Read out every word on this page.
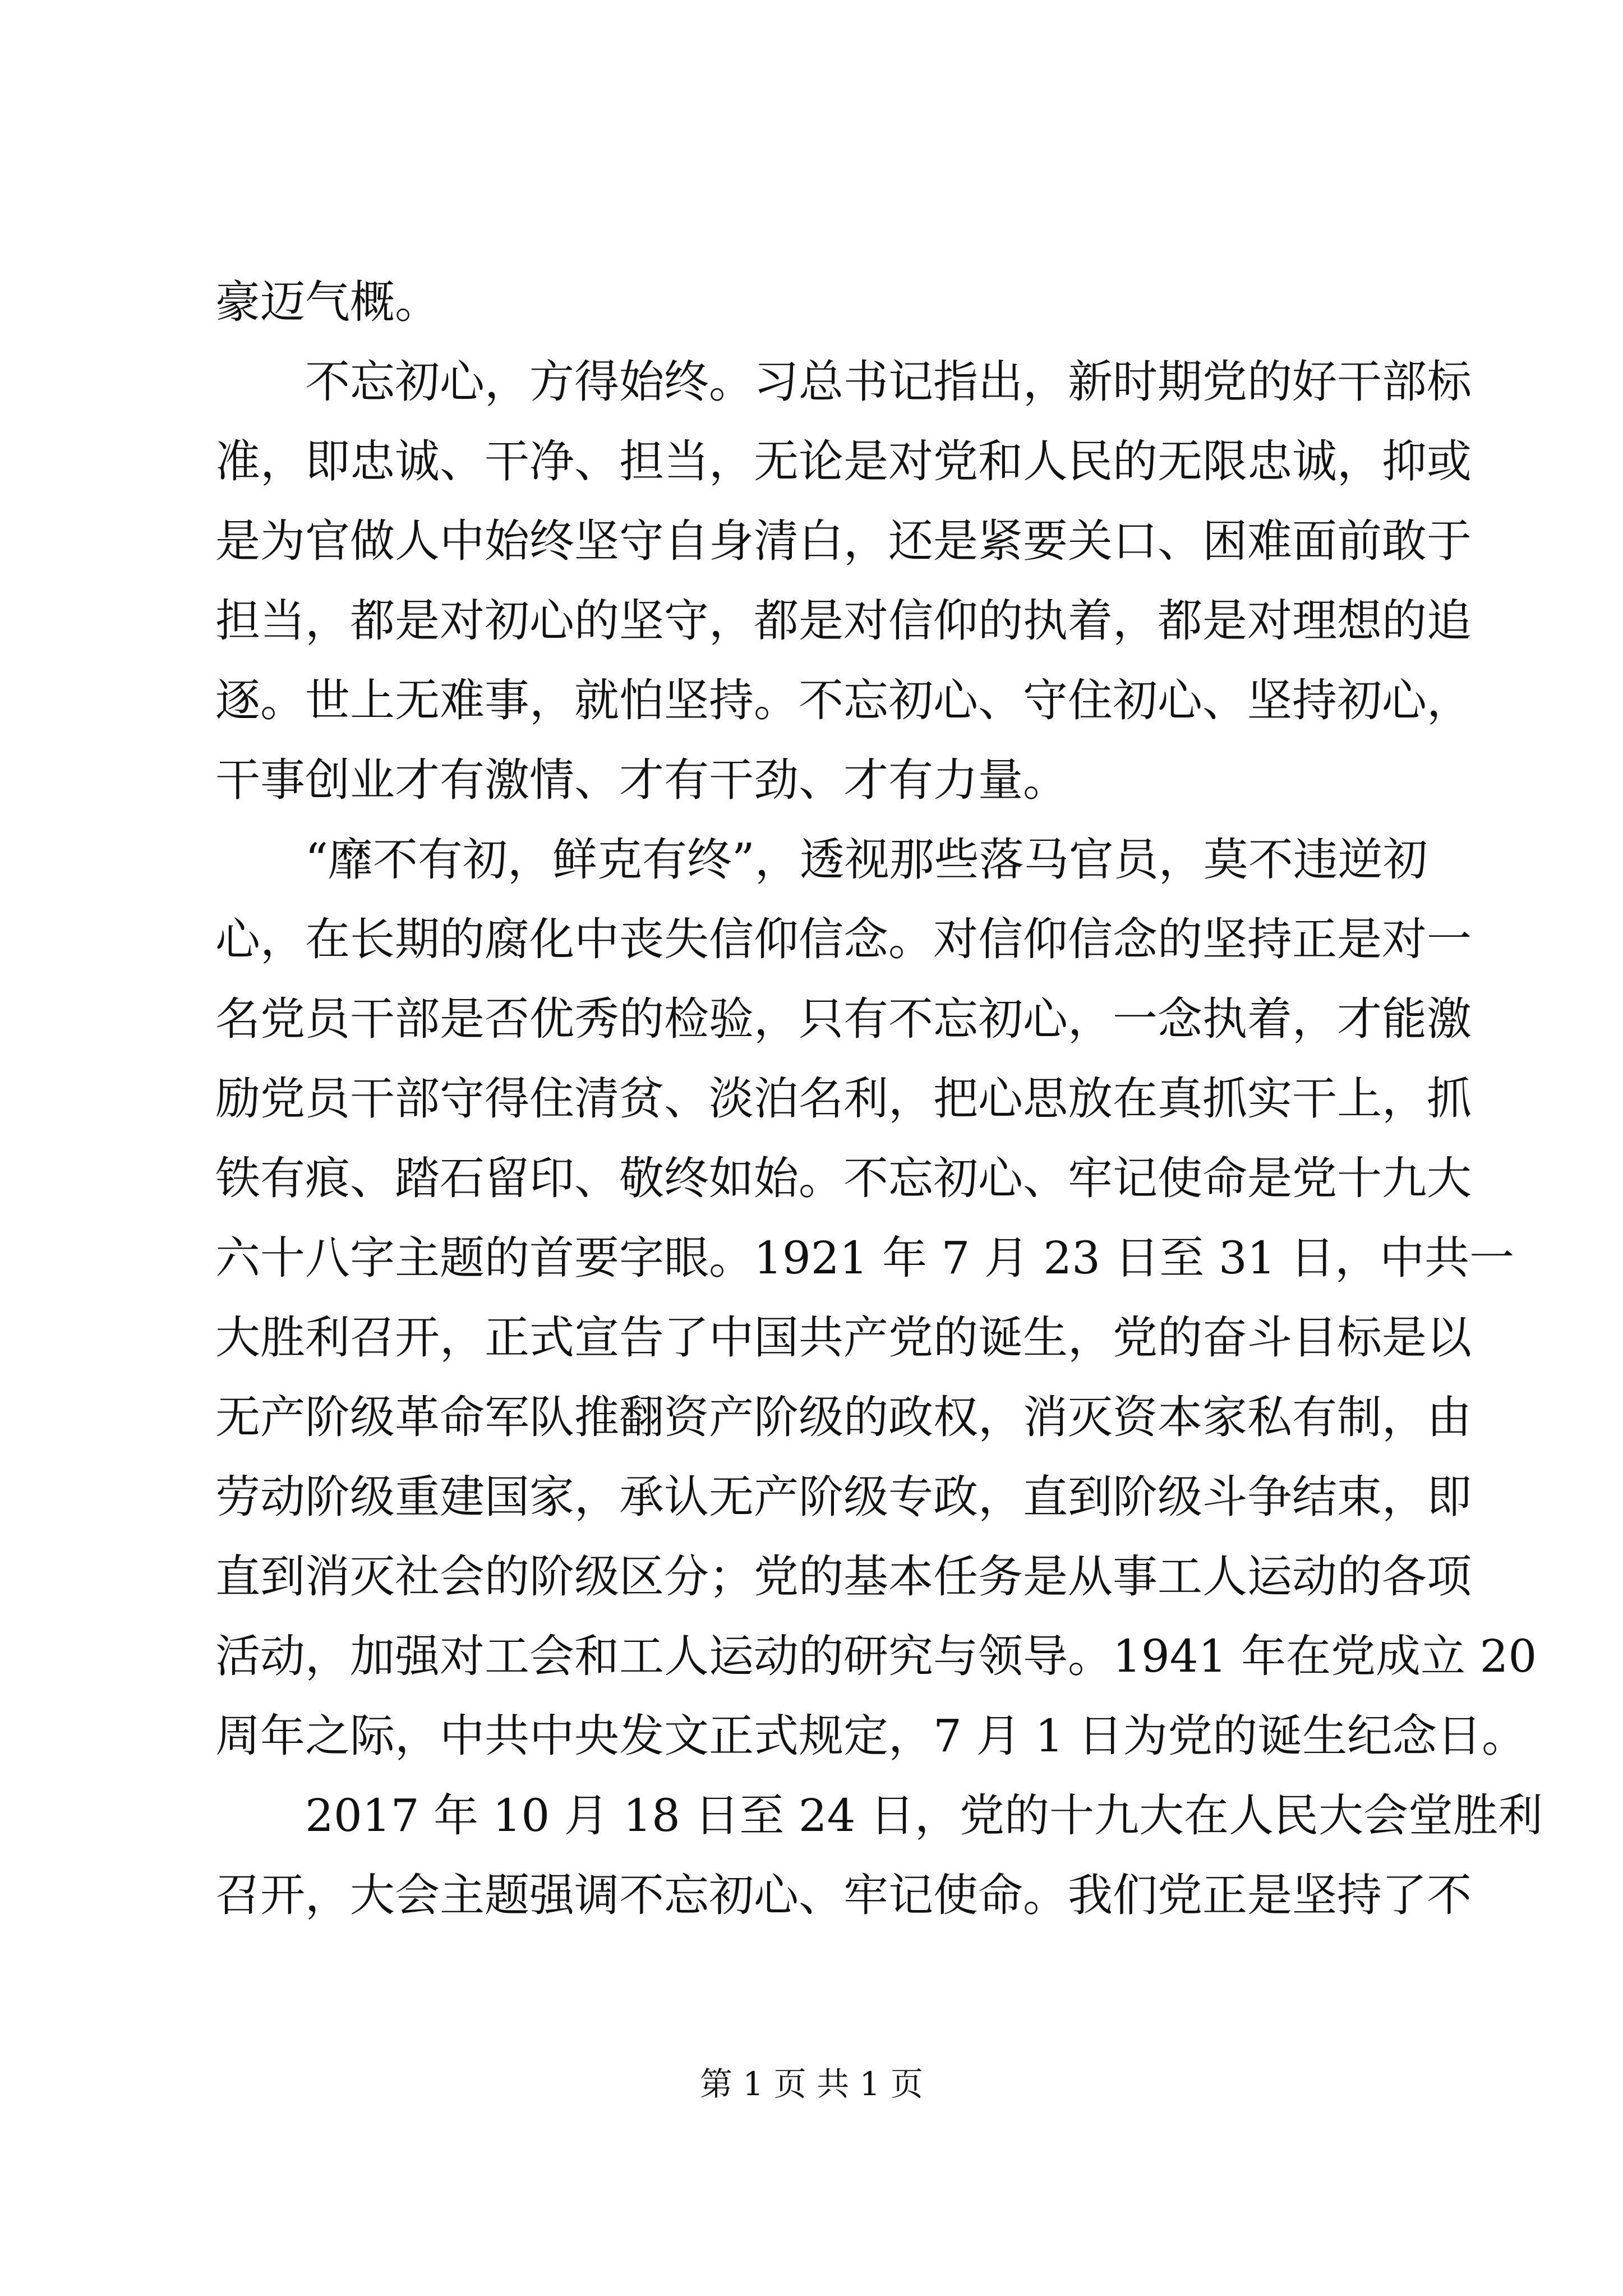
豪迈气概。
不忘初心，方得始终。习总书记指出，新时期党的好干部标
准，即忠诚、干净、担当，无论是对党和人民的无限忠诚，抑或
是为官做人中始终坚守自身清白，还是紧要关口、困难面前敢于
担当，都是对初心的坚守，都是对信仰的执着，都是对理想的追
逐。世上无难事，就怕坚持。不忘初心、守住初心、坚持初心，
干事创业才有激情、才有干劲、才有力量。
“靡不有初，鲜克有终”，透视那些落马官员，莫不违逆初
心，在长期的腐化中丧失信仰信念。对信仰信念的坚持正是对一
名党员干部是否优秀的检验，只有不忘初心，一念执着，才能激
励党员干部守得住清贫、淡泊名利，把心思放在真抓实干上，抓
铁有痕、踏石留印、敬终如始。不忘初心、牢记使命是党十九大
六十八字主题的首要字眼。1921 年 7 月 23 日至 31 日，中共一
大胜利召开，正式宣告了中国共产党的诞生，党的奋斗目标是以
无产阶级革命军队推翻资产阶级的政权，消灭资本家私有制，由
劳动阶级重建国家，承认无产阶级专政，直到阶级斗争结束，即
直到消灭社会的阶级区分；党的基本任务是从事工人运动的各项
活动，加强对工会和工人运动的研究与领导。1941 年在党成立 20
周年之际，中共中央发文正式规定，7 月 1 日为党的诞生纪念日。
2017 年 10 月 18 日至 24 日，党的十九大在人民大会堂胜利
召开，大会主题强调不忘初心、牢记使命。我们党正是坚持了不
第 1 页 共 1 页
